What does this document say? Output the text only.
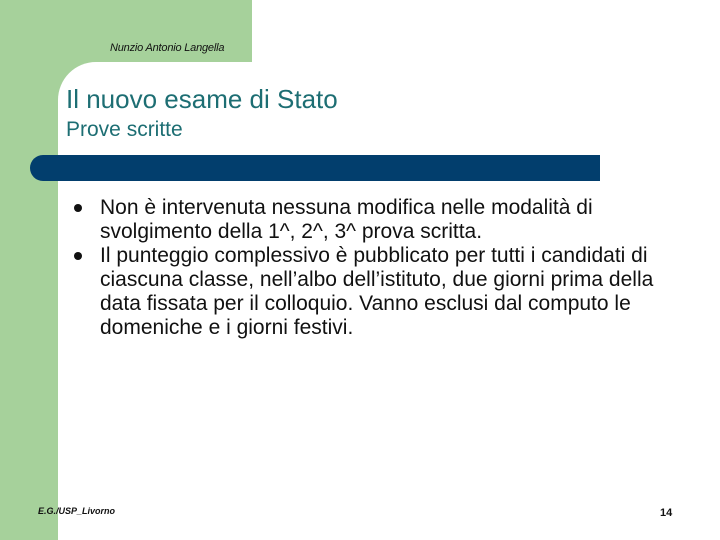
Nunzio Antonio Langella
Il nuovo esame di Stato
Prove scritte
Non è intervenuta nessuna modifica nelle modalità di svolgimento della 1^, 2^, 3^ prova scritta.
Il punteggio complessivo è pubblicato per tutti i candidati di ciascuna classe, nell’albo dell’istituto, due giorni prima della data fissata per il colloquio. Vanno esclusi dal computo le domeniche e i giorni festivi.
E.G./USP_Livorno	14
